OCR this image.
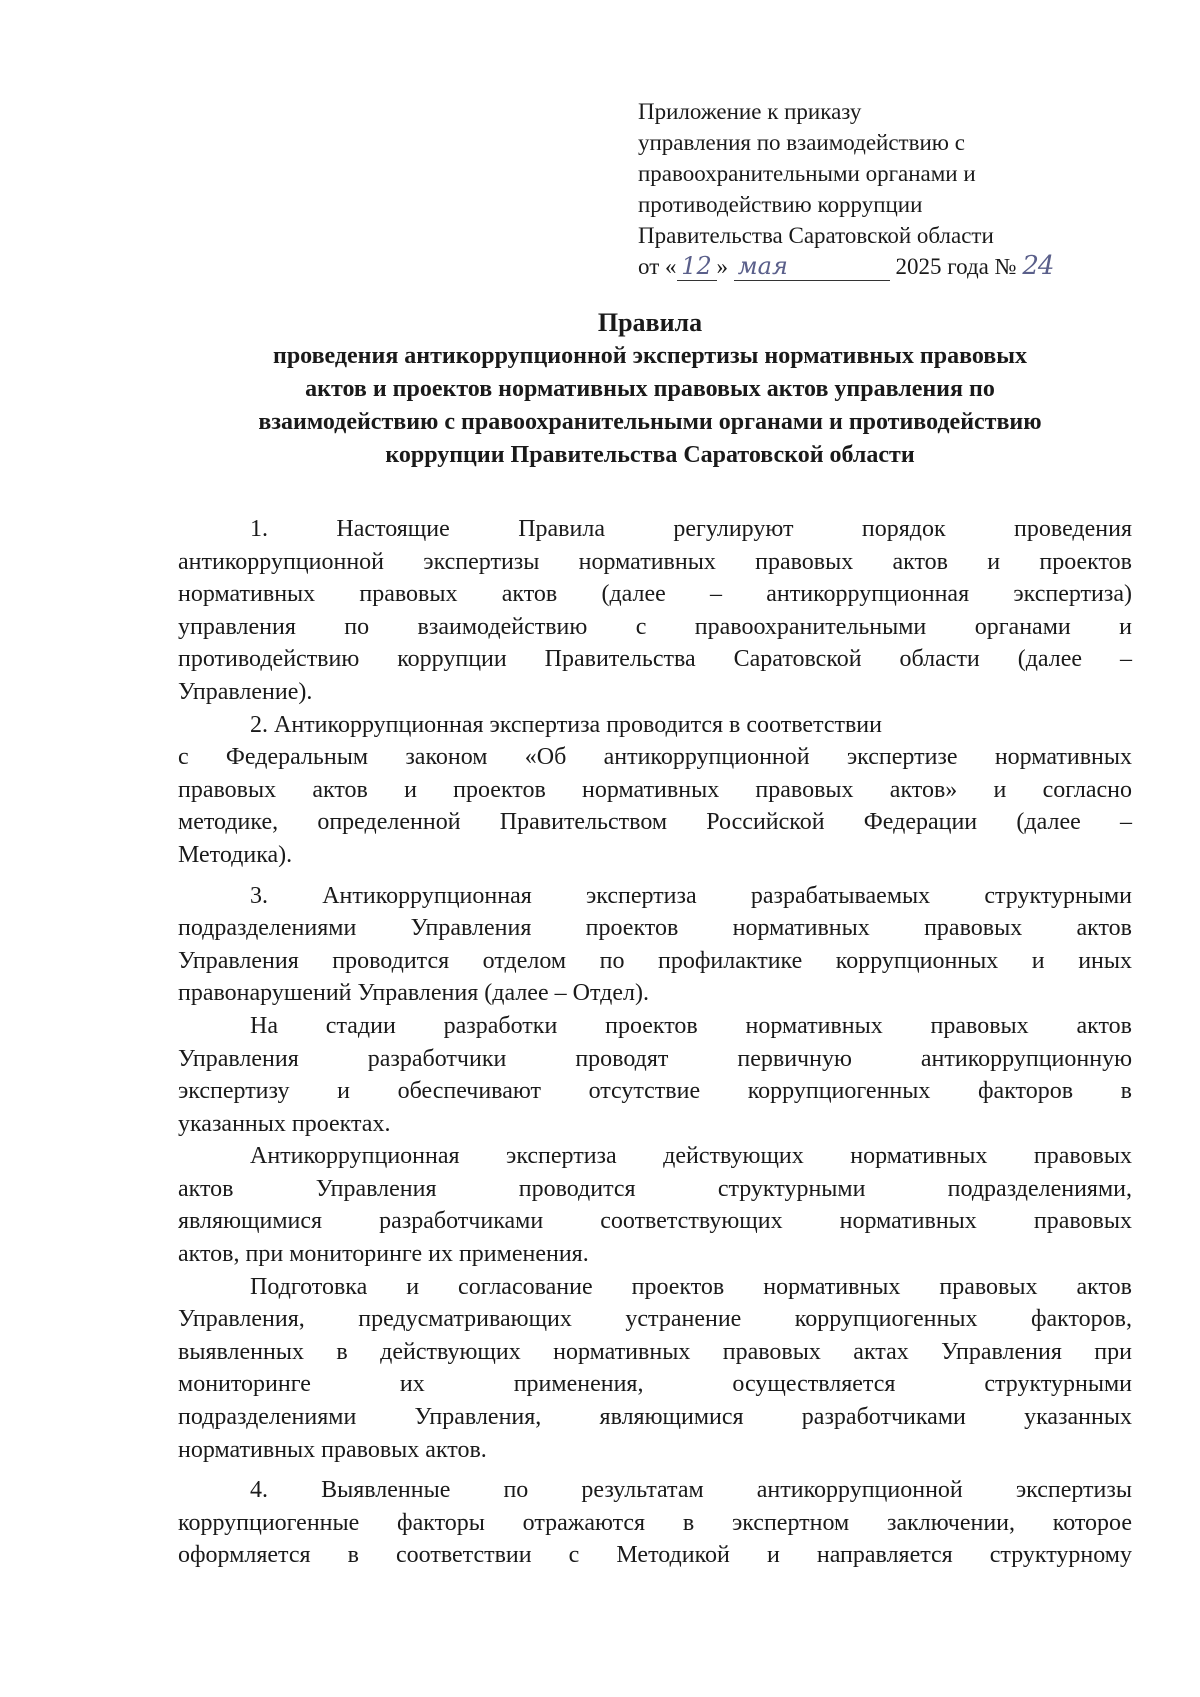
Приложение к приказу
управления по взаимодействию с
правоохранительными органами и
противодействию коррупции
Правительства Саратовской области
от « 12 » мая	2025 года № 24
Правила
проведения антикоррупционной экспертизы нормативных правовых
актов и проектов нормативных правовых актов управления по
взаимодействию с правоохранительными органами и противодействию
коррупции Правительства Саратовской области

1. Настоящие Правила регулируют порядок проведения
антикоррупционной экспертизы нормативных правовых актов и проектов
нормативных правовых актов (далее – антикоррупционная экспертиза)
управления по взаимодействию с правоохранительными органами и
противодействию коррупции Правительства Саратовской области (далее –
Управление).

2. Антикоррупционная экспертиза проводится в соответствии
с Федеральным законом «Об антикоррупционной экспертизе нормативных
правовых актов и проектов нормативных правовых актов» и согласно
методике, определенной Правительством Российской Федерации (далее –
Методика).

3. Антикоррупционная экспертиза разрабатываемых структурными
подразделениями Управления проектов нормативных правовых актов
Управления проводится отделом по профилактике коррупционных и иных
правонарушений Управления (далее – Отдел).

На стадии разработки проектов нормативных правовых актов
Управления разработчики проводят первичную антикоррупционную
экспертизу и обеспечивают отсутствие коррупциогенных факторов в
указанных проектах.

Антикоррупционная экспертиза действующих нормативных правовых
актов Управления проводится структурными подразделениями,
являющимися разработчиками соответствующих нормативных правовых
актов, при мониторинге их применения.

Подготовка и согласование проектов нормативных правовых актов
Управления, предусматривающих устранение коррупциогенных факторов,
выявленных в действующих нормативных правовых актах Управления при
мониторинге их применения, осуществляется структурными
подразделениями Управления, являющимися разработчиками указанных
нормативных правовых актов.

4. Выявленные по результатам антикоррупционной экспертизы
коррупциогенные факторы отражаются в экспертном заключении, которое
оформляется в соответствии с Методикой и направляется структурному
